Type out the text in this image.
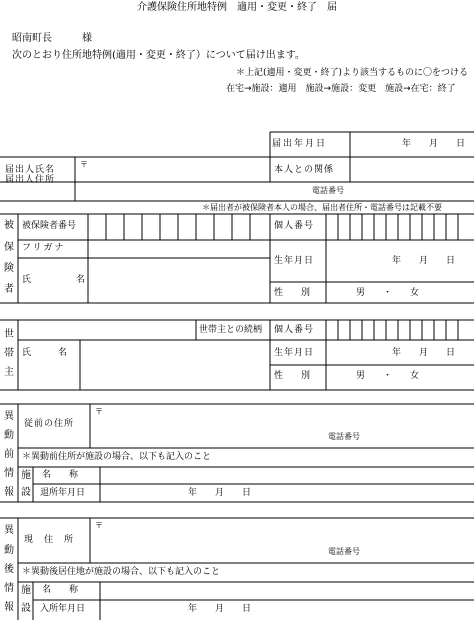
介護保険住所地特例　適用・変更・終了　届
昭南町長　　　様
次のとおり住所地特例(適用・変更・終了）について届け出ます。
＊上記(適用・変更・終了)より該当するものに〇をつける
在宅→施設：適用　施設→施設：変更　施設→在宅：終了
届出年月日	年　　月　　日
届出人氏名	本人との関係
届出人住所
〒
電話番号
＊届出者が被保険者本人の場合、届出者住所・電話番号は記載不要
被
保
険
者
被保険者番号	個人番号
フリガナ
氏　　　　　名
生年月日	年　　月　　日
性　　別	男　　・　　女
世
帯
主
世帯主との続柄 個人番号
氏　　　名	生年月日	年　　月　　日
性　　別	男　　・　　女
異
動
前
情
報
従前の住所
〒
電話番号
＊異動前住所が施設の場合、以下も記入のこと
施
設
名　　称
退所年月日	年　　月　　日
異
動
後
情
報
現　住　所
〒
電話番号
＊異動後居住地が施設の場合、以下も記入のこと
施
設
名　　称
入所年月日	年　　月　　日
